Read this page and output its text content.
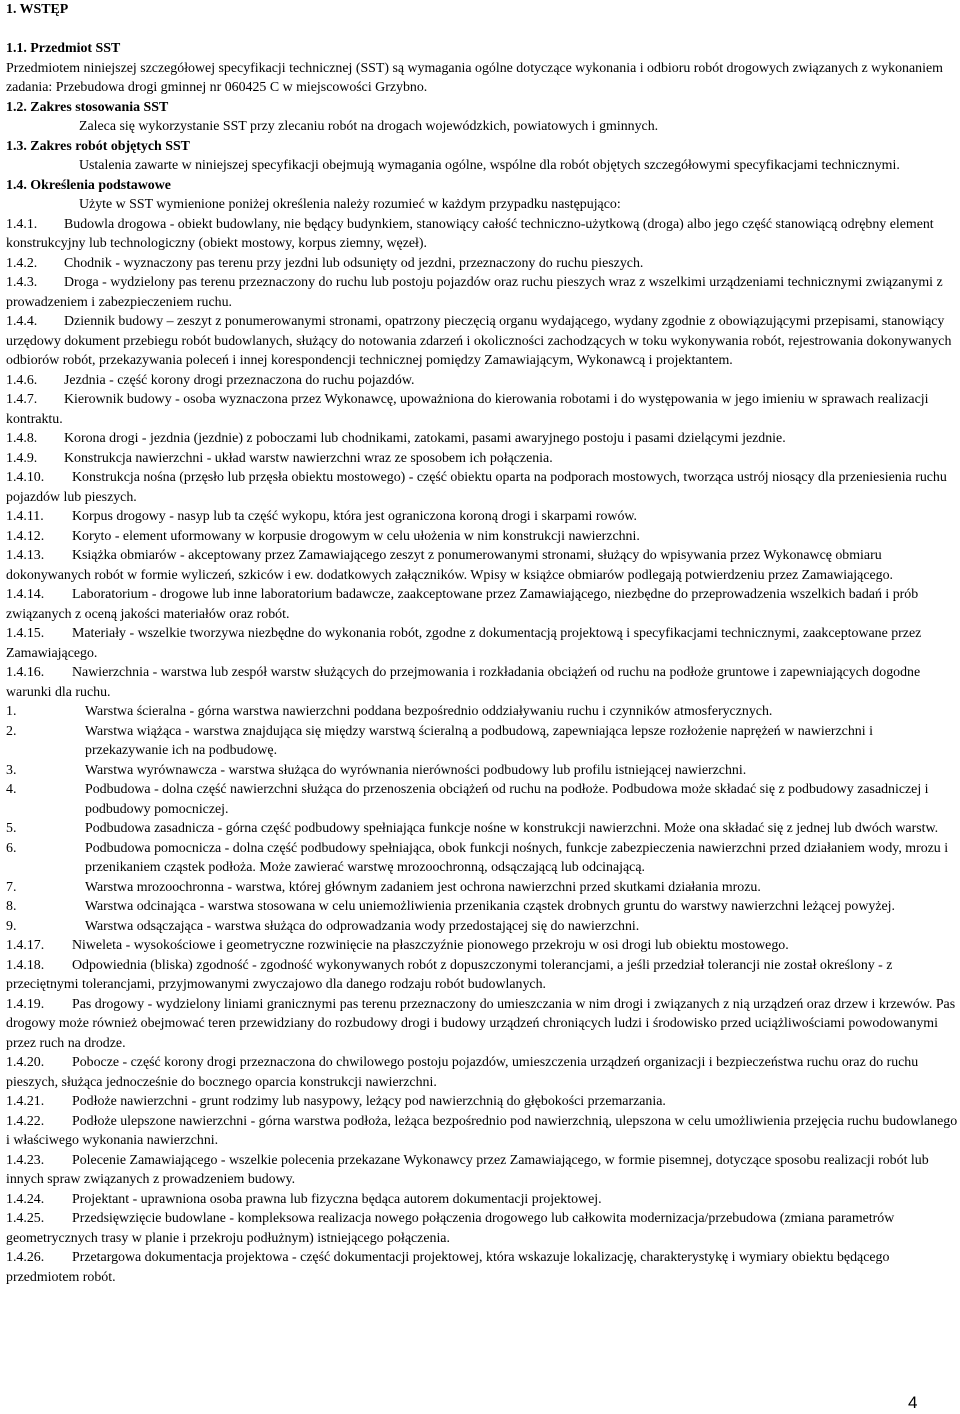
1. WSTĘP
1.1. Przedmiot SST
Przedmiotem niniejszej szczegółowej specyfikacji technicznej (SST) są wymagania ogólne dotyczące wykonania i odbioru robót drogowych związanych z wykonaniem zadania: Przebudowa drogi gminnej nr 060425 C w miejscowości Grzybno.
1.2. Zakres stosowania SST
Zaleca się wykorzystanie SST przy zlecaniu robót na drogach wojewódzkich, powiatowych i gminnych.
1.3. Zakres robót objętych SST
Ustalenia zawarte w niniejszej specyfikacji obejmują wymagania ogólne, wspólne dla robót objętych szczegółowymi specyfikacjami technicznymi.
1.4. Określenia podstawowe
Użyte w SST wymienione poniżej określenia należy rozumieć w każdym przypadku następująco:
1.4.1. Budowla drogowa - obiekt budowlany, nie będący budynkiem, stanowiący całość techniczno-użytkową (droga) albo jego część stanowiącą odrębny element konstrukcyjny lub technologiczny (obiekt mostowy, korpus ziemny, węzeł).
1.4.2. Chodnik - wyznaczony pas terenu przy jezdni lub odsunięty od jezdni, przeznaczony do ruchu pieszych.
1.4.3. Droga - wydzielony pas terenu przeznaczony do ruchu lub postoju pojazdów oraz ruchu pieszych wraz z wszelkimi urządzeniami technicznymi związanymi z prowadzeniem i zabezpieczeniem ruchu.
1.4.4. Dziennik budowy – zeszyt z ponumerowanymi stronami, opatrzony pieczęcią organu wydającego, wydany zgodnie z obowiązującymi przepisami, stanowiący urzędowy dokument przebiegu robót budowlanych, służący do notowania zdarzeń i okoliczności zachodzących w toku wykonywania robót, rejestrowania dokonywanych odbiorów robót, przekazywania poleceń i innej korespondencji technicznej pomiędzy Zamawiającym, Wykonawcą i projektantem.
1.4.6. Jezdnia - część korony drogi przeznaczona do ruchu pojazdów.
1.4.7. Kierownik budowy - osoba wyznaczona przez Wykonawcę, upoważniona do kierowania robotami i do występowania w jego imieniu w sprawach realizacji kontraktu.
1.4.8. Korona drogi - jezdnia (jezdnie) z poboczami lub chodnikami, zatokami, pasami awaryjnego postoju i pasami dzielącymi jezdnie.
1.4.9. Konstrukcja nawierzchni - układ warstw nawierzchni wraz ze sposobem ich połączenia.
1.4.10. Konstrukcja nośna (przęsło lub przęsła obiektu mostowego) - część obiektu oparta na podporach mostowych, tworząca ustrój niosący dla przeniesienia ruchu pojazdów lub pieszych.
1.4.11. Korpus drogowy - nasyp lub ta część wykopu, która jest ograniczona koroną drogi i skarpami rowów.
1.4.12. Koryto - element uformowany w korpusie drogowym w celu ułożenia w nim konstrukcji nawierzchni.
1.4.13. Książka obmiarów - akceptowany przez Zamawiającego zeszyt z ponumerowanymi stronami, służący do wpisywania przez Wykonawcę obmiaru dokonywanych robót w formie wyliczeń, szkiców i ew. dodatkowych załączników. Wpisy w książce obmiarów podlegają potwierdzeniu przez Zamawiającego.
1.4.14. Laboratorium - drogowe lub inne laboratorium badawcze, zaakceptowane przez Zamawiającego, niezbędne do przeprowadzenia wszelkich badań i prób związanych z oceną jakości materiałów oraz robót.
1.4.15. Materiały - wszelkie tworzywa niezbędne do wykonania robót, zgodne z dokumentacją projektową i specyfikacjami technicznymi, zaakceptowane przez Zamawiającego.
1.4.16. Nawierzchnia - warstwa lub zespół warstw służących do przejmowania i rozkładania obciążeń od ruchu na podłoże gruntowe i zapewniających dogodne warunki dla ruchu.
1.	Warstwa ścieralna - górna warstwa nawierzchni poddana bezpośrednio oddziaływaniu ruchu i czynników atmosferycznych.
2.	Warstwa wiążąca - warstwa znajdująca się między warstwą ścieralną a podbudową, zapewniająca lepsze rozłożenie naprężeń w nawierzchni i przekazywanie ich na podbudowę.
3.	Warstwa wyrównawcza - warstwa służąca do wyrównania nierówności podbudowy lub profilu istniejącej nawierzchni.
4.	Podbudowa - dolna część nawierzchni służąca do przenoszenia obciążeń od ruchu na podłoże. Podbudowa może składać się z podbudowy zasadniczej i podbudowy pomocniczej.
5.	Podbudowa zasadnicza - górna część podbudowy spełniająca funkcje nośne w konstrukcji nawierzchni. Może ona składać się z jednej lub dwóch warstw.
6.	Podbudowa pomocnicza - dolna część podbudowy spełniająca, obok funkcji nośnych, funkcje zabezpieczenia nawierzchni przed działaniem wody, mrozu i przenikaniem cząstek podłoża. Może zawierać warstwę mrozoochronną, odsączającą lub odcinającą.
7.	Warstwa mrozoochronna - warstwa, której głównym zadaniem jest ochrona nawierzchni przed skutkami działania mrozu.
8.	Warstwa odcinająca - warstwa stosowana w celu uniemożliwienia przenikania cząstek drobnych gruntu do warstwy nawierzchni leżącej powyżej.
9.	Warstwa odsączająca - warstwa służąca do odprowadzania wody przedostającej się do nawierzchni.
1.4.17. Niweleta - wysokościowe i geometryczne rozwinięcie na płaszczyźnie pionowego przekroju w osi drogi lub obiektu mostowego.
1.4.18. Odpowiednia (bliska) zgodność - zgodność wykonywanych robót z dopuszczonymi tolerancjami, a jeśli przedział tolerancji nie został określony - z przeciętnymi tolerancjami, przyjmowanymi zwyczajowo dla danego rodzaju robót budowlanych.
1.4.19. Pas drogowy - wydzielony liniami granicznymi pas terenu przeznaczony do umieszczania w nim drogi i związanych z nią urządzeń oraz drzew i krzewów. Pas drogowy może również obejmować teren przewidziany do rozbudowy drogi i budowy urządzeń chroniących ludzi i środowisko przed uciążliwościami powodowanymi przez ruch na drodze.
1.4.20. Pobocze - część korony drogi przeznaczona do chwilowego postoju pojazdów, umieszczenia urządzeń organizacji i bezpieczeństwa ruchu oraz do ruchu pieszych, służąca jednocześnie do bocznego oparcia konstrukcji nawierzchni.
1.4.21. Podłoże nawierzchni - grunt rodzimy lub nasypowy, leżący pod nawierzchnią do głębokości przemarzania.
1.4.22. Podłoże ulepszone nawierzchni - górna warstwa podłoża, leżąca bezpośrednio pod nawierzchnią, ulepszona w celu umożliwienia przejęcia ruchu budowlanego i właściwego wykonania nawierzchni.
1.4.23. Polecenie Zamawiającego - wszelkie polecenia przekazane Wykonawcy przez Zamawiającego, w formie pisemnej, dotyczące sposobu realizacji robót lub innych spraw związanych z prowadzeniem budowy.
1.4.24. Projektant - uprawniona osoba prawna lub fizyczna będąca autorem dokumentacji projektowej.
1.4.25. Przedsięwzięcie budowlane - kompleksowa realizacja nowego połączenia drogowego lub całkowita modernizacja/przebudowa (zmiana parametrów geometrycznych trasy w planie i przekroju podłużnym) istniejącego połączenia.
1.4.26. Przetargowa dokumentacja projektowa - część dokumentacji projektowej, która wskazuje lokalizację, charakterystykę i wymiary obiektu będącego przedmiotem robót.
4
